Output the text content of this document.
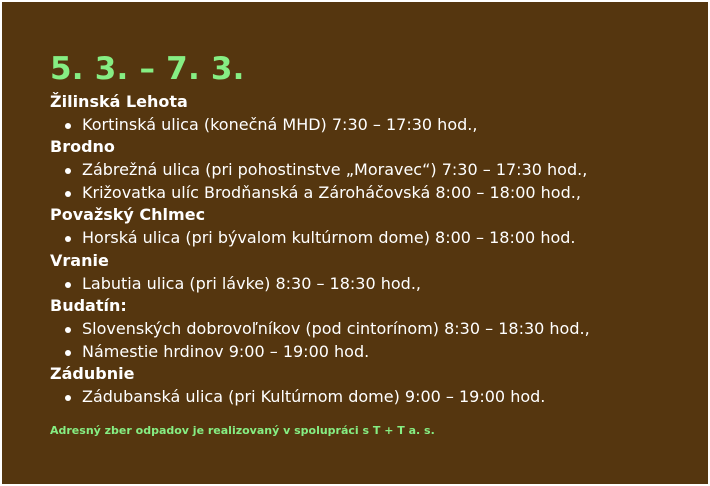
5. 3. – 7. 3.
Žilinská Lehota
Kortinská ulica (konečná MHD) 7:30 – 17:30 hod.,
Brodno
Zábrežná ulica (pri pohostinstve „Moravec“) 7:30 – 17:30 hod.,
Križovatka ulíc Brodňanská a Zároháčovská 8:00 – 18:00 hod.,
Považský Chlmec
Horská ulica (pri bývalom kultúrnom dome) 8:00 – 18:00 hod.
Vranie
Labutia ulica (pri lávke) 8:30 – 18:30 hod.,
Budatín:
Slovenských dobrovoľníkov (pod cintorínom) 8:30 – 18:30 hod.,
Námestie hrdinov 9:00 – 19:00 hod.
Zádubnie
Zádubanská ulica (pri Kultúrnom dome) 9:00 – 19:00 hod.
Adresný zber odpadov je realizovaný v spolupráci s T + T a. s.
